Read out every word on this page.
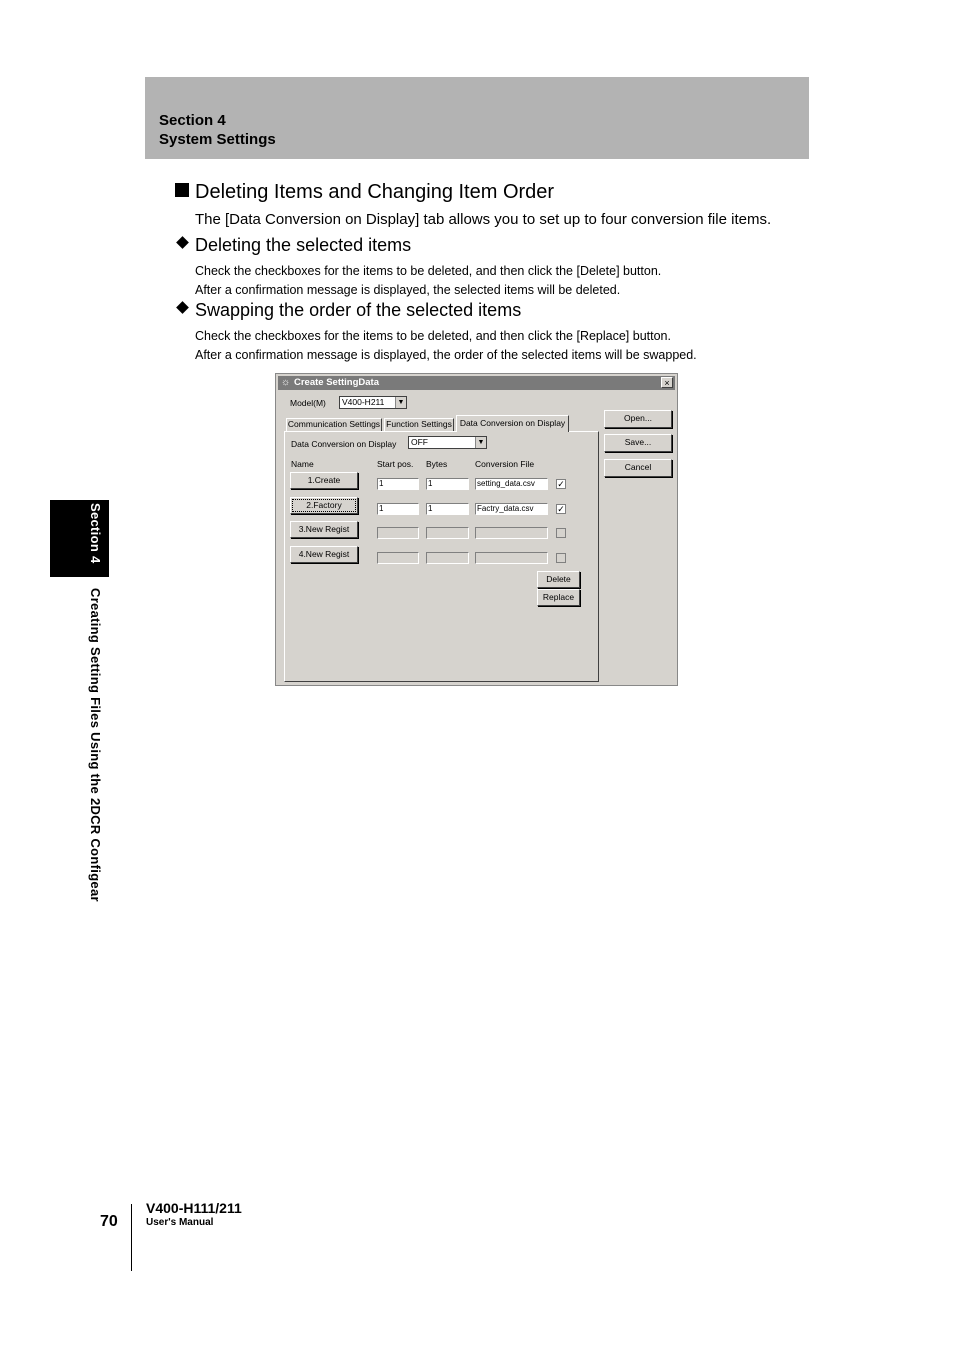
Section 4
System Settings
Deleting Items and Changing Item Order
The [Data Conversion on Display] tab allows you to set up to four conversion file items.
Deleting the selected items
Check the checkboxes for the items to be deleted, and then click the [Delete] button.
After a confirmation message is displayed, the selected items will be deleted.
Swapping the order of the selected items
Check the checkboxes for the items to be deleted, and then click the [Replace] button.
After a confirmation message is displayed, the order of the selected items will be swapped.
☼ Create SettingData	×
Model(M)	V400-H211	▼
Communication Settings Function Settings Data Conversion on Display
Data Conversion on Display	OFF	▼
Name	Start pos. Bytes	Conversion File
1.Create	1	1	setting_data.csv	✓
2.Factory	1	1	Factry_data.csv	✓
3.New Regist
4.New Regist
Delete
Replace
Open...
Save...
Cancel
Section 4
Creating Setting Files Using the 2DCR Configear
70
V400-H111/211
User's Manual
